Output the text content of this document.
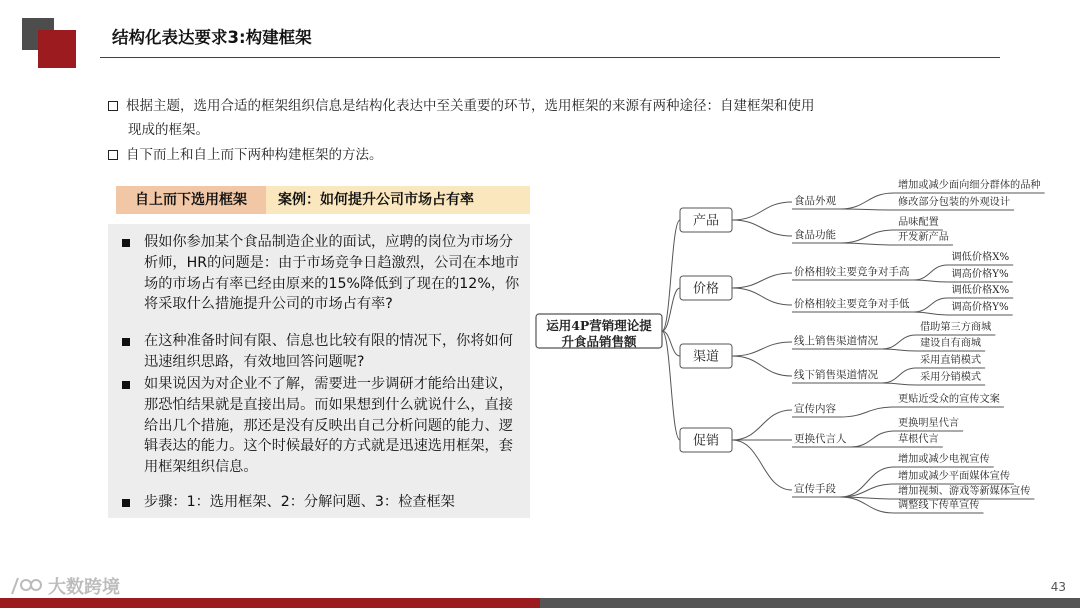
结构化表达要求3:构建框架
根据主题，选用合适的框架组织信息是结构化表达中至关重要的环节，选用框架的来源有两种途径：自建框架和使用
现成的框架。
自下而上和自上而下两种构建框架的方法。
自上而下选用框架	案例：如何提升公司市场占有率
假如你参加某个食品制造企业的面试，应聘的岗位为市场分析师，HR的问题是：由于市场竞争日趋激烈，公司在本地市场的市场占有率已经由原来的15%降低到了现在的12%，你将采取什么措施提升公司的市场占有率?
在这种准备时间有限、信息也比较有限的情况下，你将如何迅速组织思路，有效地回答问题呢?
如果说因为对企业不了解，需要进一步调研才能给出建议，那恐怕结果就是直接出局。而如果想到什么就说什么，直接给出几个措施，那还是没有反映出自己分析问题的能力、逻辑表达的能力。这个时候最好的方式就是迅速选用框架，套用框架组织信息。
步骤：1：选用框架、2：分解问题、3：检查框架
运用4P营销理论提升食品销售额
产品
食品外观
增加或减少面向细分群体的品种
修改部分包装的外观设计
食品功能
品味配置
开发新产品
价格
价格相较主要竞争对手高
调低价格X%
调高价格Y%
价格相较主要竞争对手低
调低价格X%
调高价格Y%
渠道
线上销售渠道情况
借助第三方商城
建设自有商城
线下销售渠道情况
采用直销模式
采用分销模式
促销
宣传内容
更贴近受众的宣传文案
更换代言人
更换明星代言
草根代言
宣传手段
增加或减少电视宣传
增加或减少平面媒体宣传
增加视频、游戏等新媒体宣传
调整线下传单宣传
大数跨境	43
